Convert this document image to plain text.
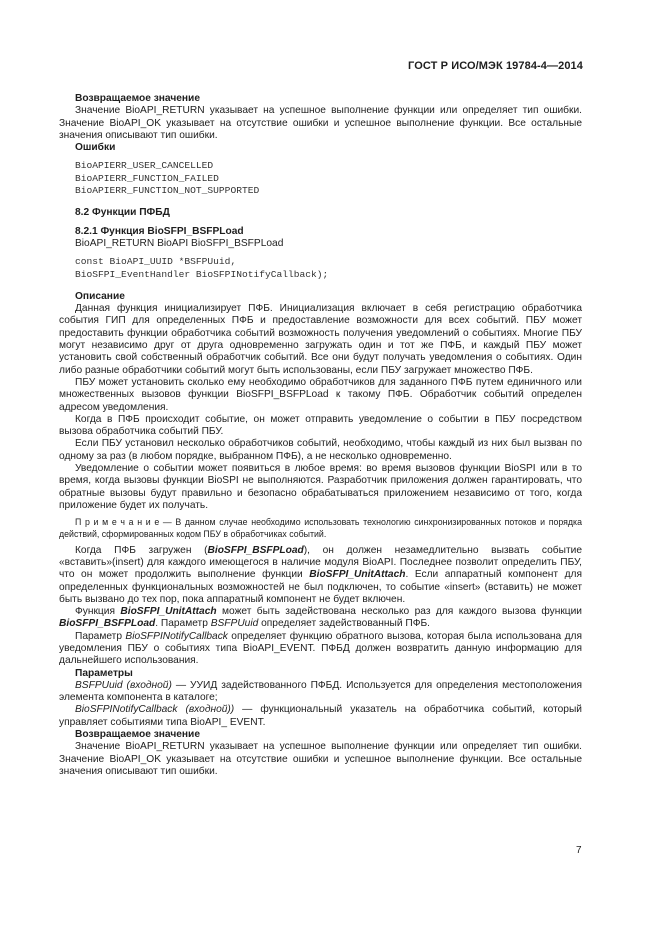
ГОСТ Р ИСО/МЭК 19784-4—2014

Возвращаемое значение

Значение BioAPI_RETURN указывает на успешное выполнение функции или определяет тип ошибки. Значение BioAPI_OK указывает на отсутствие ошибки и успешное выполнение функции. Все остальные значения описывают тип ошибки.

Ошибки

BioAPIERR_USER_CANCELLED

BioAPIERR_FUNCTION_FAILED

BioAPIERR_FUNCTION_NOT_SUPPORTED

8.2 Функции ПФБД

8.2.1 Функция BioSFPI_BSFPLoad

BioAPI_RETURN BioAPI BioSFPI_BSFPLoad

const BioAPI_UUID *BSFPUuid,

BioSFPI_EventHandler BioSFPINotifyCallback);

Описание

Данная функция инициализирует ПФБ. Инициализация включает в себя регистрацию обработчика события ГИП для определенных ПФБ и предоставление возможности для всех событий. ПБУ может предоставить функции обработчика событий возможность получения уведомлений о событиях. Многие ПБУ могут независимо друг от друга одновременно загружать один и тот же ПФБ, и каждый ПБУ может установить свой собственный обработчик событий. Все они будут получать уведомления о событиях. Один либо разные обработчики событий могут быть использованы, если ПБУ загружает множество ПФБ.

ПБУ может установить сколько ему необходимо обработчиков для заданного ПФБ путем единичного или множественных вызовов функции BioSFPI_BSFPLoad к такому ПФБ. Обработчик событий определен адресом уведомления.

Когда в ПФБ происходит событие, он может отправить уведомление о событии в ПБУ посредством вызова обработчика событий ПБУ.

Если ПБУ установил несколько обработчиков событий, необходимо, чтобы каждый из них был вызван по одному за раз (в любом порядке, выбранном ПФБ), а не несколько одновременно.

Уведомление о событии может появиться в любое время: во время вызовов функции BioSPI или в то время, когда вызовы функции BioSPI не выполняются. Разработчик приложения должен гарантировать, что обратные вызовы будут правильно и безопасно обрабатываться приложением независимо от того, когда приложение будет их получать.

П р и м е ч а н и е — В данном случае необходимо использовать технологию синхронизированных потоков и порядка действий, сформированных кодом ПБУ в обработчиках событий.

Когда ПФБ загружен (BioSFPI_BSFPLoad), он должен незамедлительно вызвать событие «вставить»(insert) для каждого имеющегося в наличие модуля BioAPI. Последнее позволит определить ПБУ, что он может продолжить выполнение функции BioSFPI_UnitAttach. Если аппаратный компонент для определенных функциональных возможностей не был подключен, то событие «insert» (вставить) не может быть вызвано до тех пор, пока аппаратный компонент не будет включен.

Функция BioSFPI_UnitAttach может быть задействована несколько раз для каждого вызова функции BioSFPI_BSFPLoad. Параметр BSFPUuid определяет задействованный ПФБ.

Параметр BioSFPINotifyCallback определяет функцию обратного вызова, которая была использована для уведомления ПБУ о событиях типа BioAPI_EVENT. ПФБД должен возвратить данную информацию для дальнейшего использования.

Параметры

BSFPUuid (входной) — УУИД задействованного ПФБД. Используется для определения местоположения элемента компонента в каталоге;

BioSFPINotifyCallback (входной)) — функциональный указатель на обработчика событий, который управляет событиями типа BioAPI_ EVENT.

Возвращаемое значение

Значение BioAPI_RETURN указывает на успешное выполнение функции или определяет тип ошибки. Значение BioAPI_OK указывает на отсутствие ошибки и успешное выполнение функции. Все остальные значения описывают тип ошибки.

7
